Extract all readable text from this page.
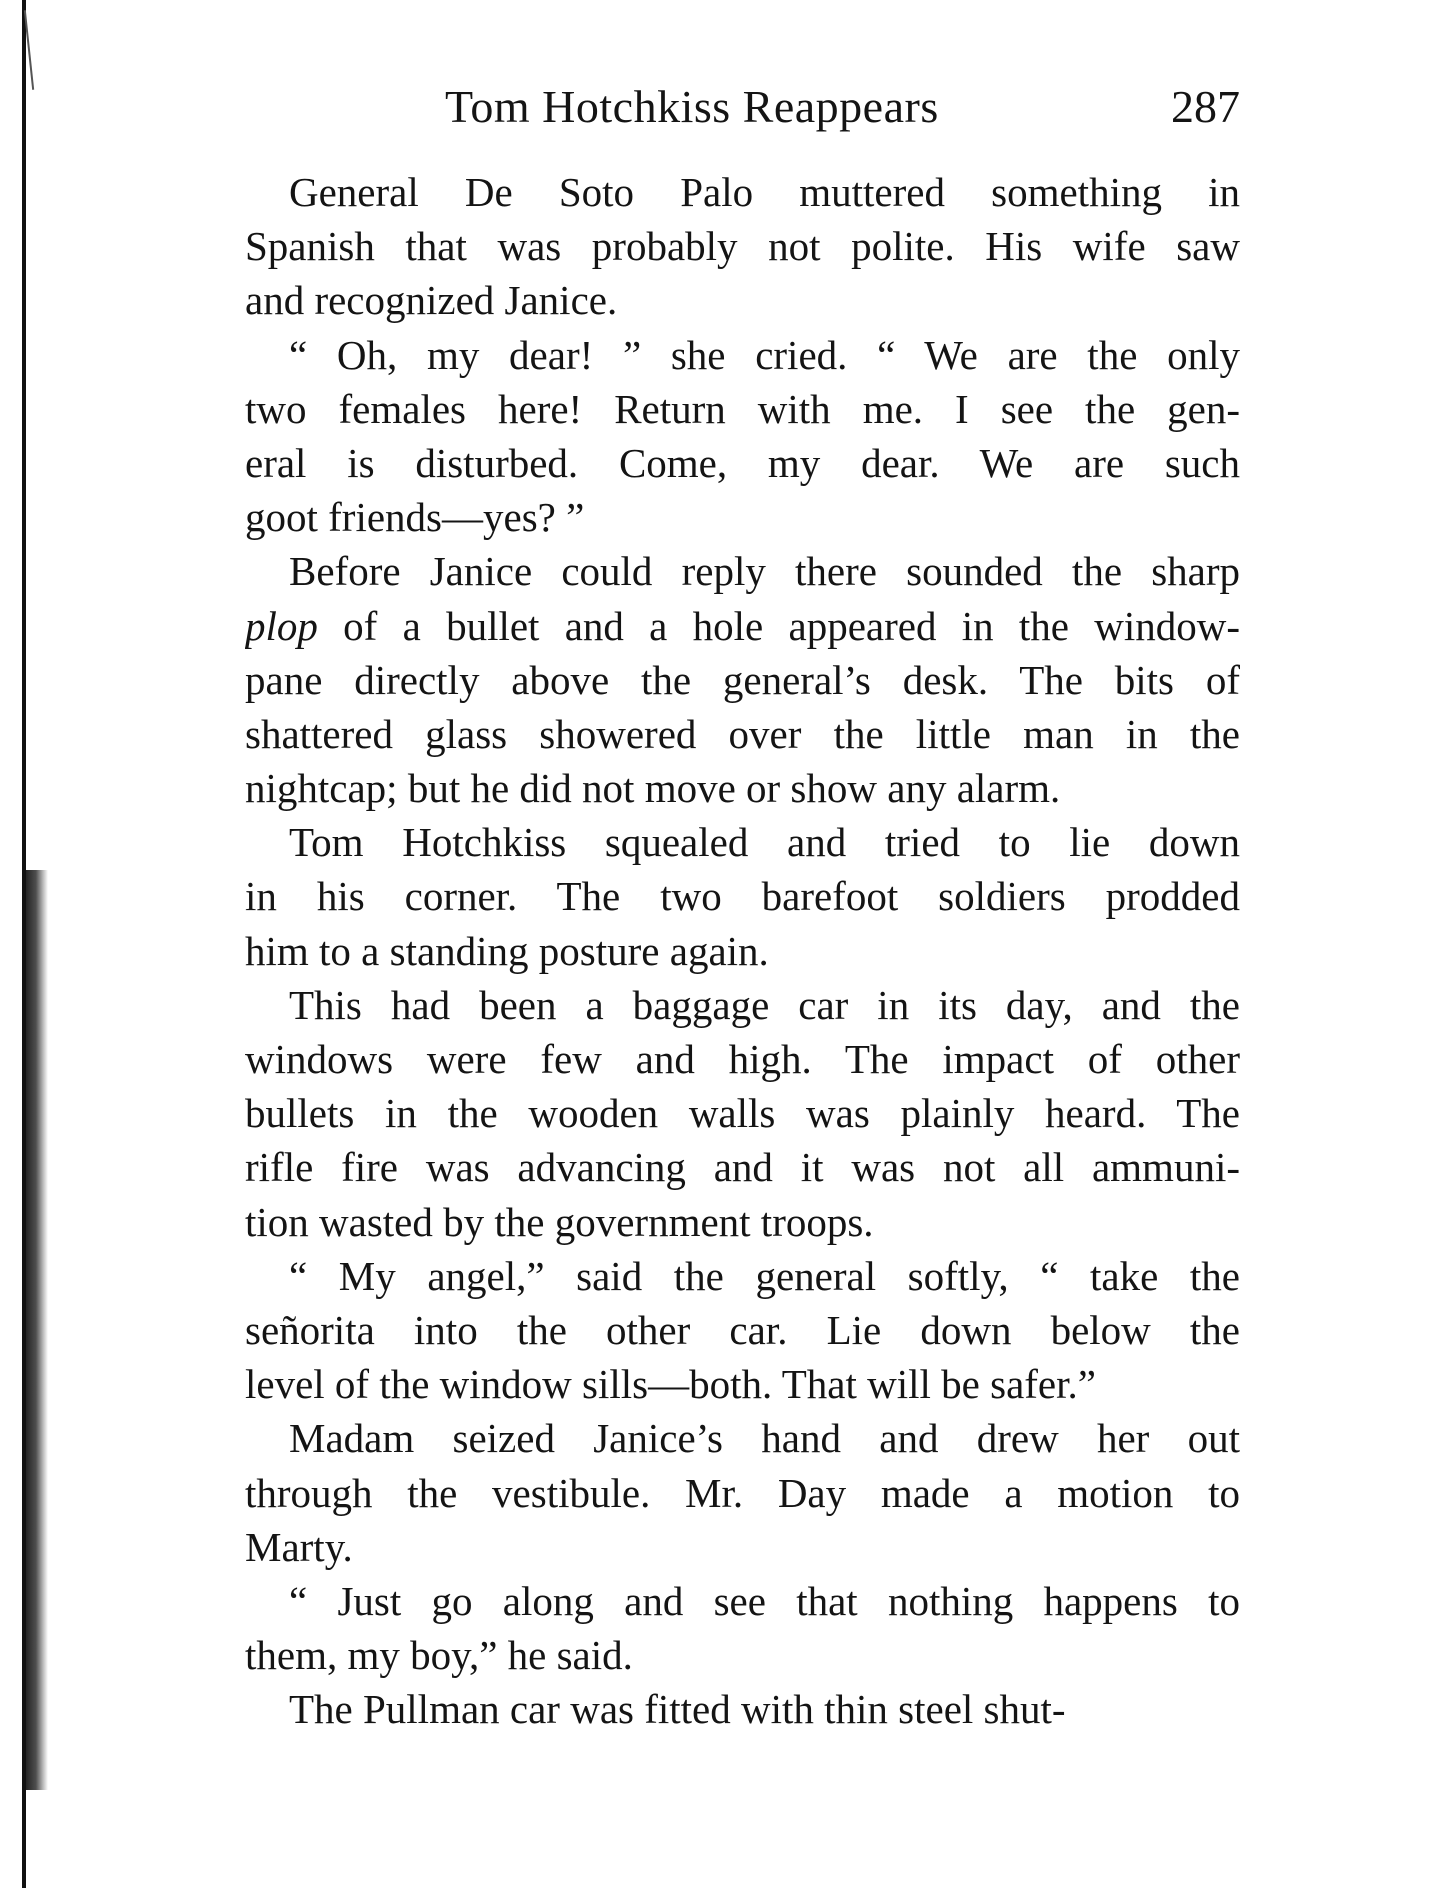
Tom Hotchkiss Reappears	287
General De Soto Palo muttered something in
Spanish that was probably not polite. His wife saw
and recognized Janice.
“ Oh, my dear! ” she cried. “ We are the only
two females here! Return with me. I see the gen-
eral is disturbed. Come, my dear. We are such
goot friends—yes? ”
Before Janice could reply there sounded the sharp
plop of a bullet and a hole appeared in the window-
pane directly above the general’s desk. The bits of
shattered glass showered over the little man in the
nightcap; but he did not move or show any alarm.
Tom Hotchkiss squealed and tried to lie down
in his corner. The two barefoot soldiers prodded
him to a standing posture again.
This had been a baggage car in its day, and the
windows were few and high. The impact of other
bullets in the wooden walls was plainly heard. The
rifle fire was advancing and it was not all ammuni-
tion wasted by the government troops.
“ My angel,” said the general softly, “ take the
señorita into the other car. Lie down below the
level of the window sills—both. That will be safer.”
Madam seized Janice’s hand and drew her out
through the vestibule. Mr. Day made a motion to
Marty.
“ Just go along and see that nothing happens to
them, my boy,” he said.
The Pullman car was fitted with thin steel shut-
